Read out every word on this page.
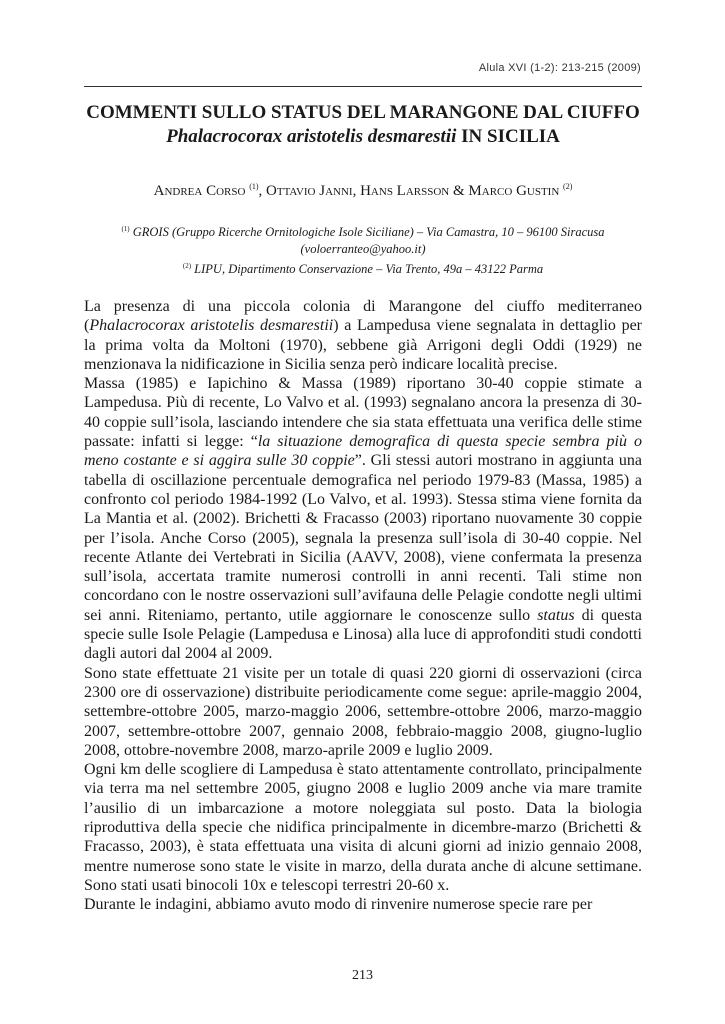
Alula XVI (1-2): 213-215 (2009)
COMMENTI SULLO STATUS DEL MARANGONE DAL CIUFFO
Phalacrocorax aristotelis desmarestii IN SICILIA
Andrea Corso $^{(1)}$, Ottavio Janni, Hans Larsson & Marco Gustin $^{(2)}$
$^{(1)}$ GROIS (Gruppo Ricerche Ornitologiche Isole Siciliane) – Via Camastra, 10 – 96100 Siracusa
(voloerranteo@yahoo.it)
$^{(2)}$ LIPU, Dipartimento Conservazione – Via Trento, 49a – 43122 Parma

La presenza di una piccola colonia di Marangone del ciuffo mediterraneo (Phalacrocorax aristotelis desmarestii) a Lampedusa viene segnalata in dettaglio per la prima volta da Moltoni (1970), sebbene già Arrigoni degli Oddi (1929) ne menzionava la nidificazione in Sicilia senza però indicare località precise.

Massa (1985) e Iapichino & Massa (1989) riportano 30-40 coppie stimate a Lampedusa. Più di recente, Lo Valvo et al. (1993) segnalano ancora la presenza di 30-40 coppie sull’isola, lasciando intendere che sia stata effettuata una verifica delle stime passate: infatti si legge: “la situazione demografica di questa specie sembra più o meno costante e si aggira sulle 30 coppie”. Gli stessi autori mostrano in aggiunta una tabella di oscillazione percentuale demografica nel periodo 1979-83 (Massa, 1985) a confronto col periodo 1984-1992 (Lo Valvo, et al. 1993). Stessa stima viene fornita da La Mantia et al. (2002). Brichetti & Fracasso (2003) riportano nuovamente 30 coppie per l’isola. Anche Corso (2005), segnala la presenza sull’isola di 30-40 coppie. Nel recente Atlante dei Vertebrati in Sicilia (AAVV, 2008), viene confermata la presenza sull’isola, accertata tramite numerosi controlli in anni recenti. Tali stime non concordano con le nostre osservazioni sull’avifauna delle Pelagie condotte negli ultimi sei anni. Riteniamo, pertanto, utile aggiornare le conoscenze sullo status di questa specie sulle Isole Pelagie (Lampedusa e Linosa) alla luce di approfonditi studi condotti dagli autori dal 2004 al 2009.

Sono state effettuate 21 visite per un totale di quasi 220 giorni di osservazioni (circa 2300 ore di osservazione) distribuite periodicamente come segue: aprile-maggio 2004, settembre-ottobre 2005, marzo-maggio 2006, settembre-ottobre 2006, marzo-maggio 2007, settembre-ottobre 2007, gennaio 2008, febbraio-maggio 2008, giugno-luglio 2008, ottobre-novembre 2008, marzo-aprile 2009 e luglio 2009.

Ogni km delle scogliere di Lampedusa è stato attentamente controllato, principalmente via terra ma nel settembre 2005, giugno 2008 e luglio 2009 anche via mare tramite l’ausilio di un imbarcazione a motore noleggiata sul posto. Data la biologia riproduttiva della specie che nidifica principalmente in dicembre-marzo (Brichetti & Fracasso, 2003), è stata effettuata una visita di alcuni giorni ad inizio gennaio 2008, mentre numerose sono state le visite in marzo, della durata anche di alcune settimane. Sono stati usati binocoli 10x e telescopi terrestri 20-60 x.

Durante le indagini, abbiamo avuto modo di rinvenire numerose specie rare per

213
